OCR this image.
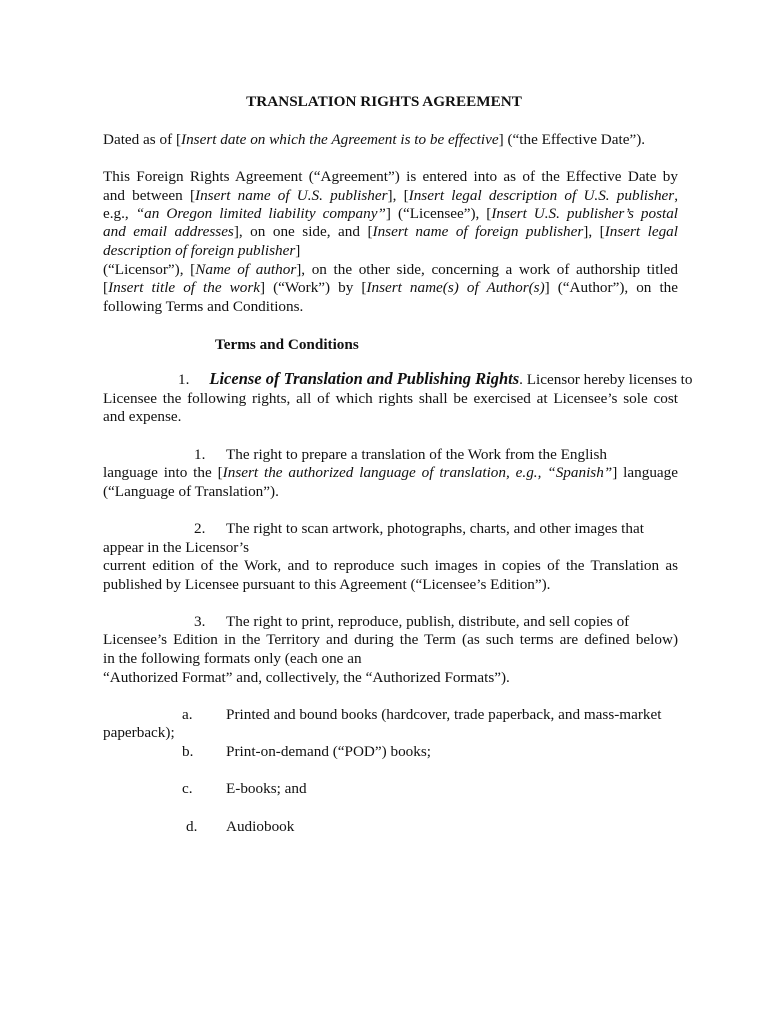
TRANSLATION RIGHTS AGREEMENT

Dated as of [Insert date on which the Agreement is to be effective] (“the Effective Date”).

This Foreign Rights Agreement (“Agreement”) is entered into as of the Effective Date by

and between [Insert name of U.S. publisher], [Insert legal description of U.S. publisher,

e.g., “an Oregon limited liability company”] (“Licensee”), [Insert U.S. publisher’s postal

and email addresses], on one side, and [Insert name of foreign publisher], [Insert legal

description of foreign publisher]

(“Licensor”), [Name of author], on the other side, concerning a work of authorship titled

[Insert title of the work] (“Work”) by [Insert name(s) of Author(s)] (“Author”), on the

following Terms and Conditions.

Terms and Conditions

1. License of Translation and Publishing Rights. Licensor hereby licenses to

Licensee the following rights, all of which rights shall be exercised at Licensee’s sole cost

and expense.

1. The right to prepare a translation of the Work from the English

language into the [Insert the authorized language of translation, e.g., “Spanish”] language

(“Language of Translation”).

2. The right to scan artwork, photographs, charts, and other images that

appear in the Licensor’s

current edition of the Work, and to reproduce such images in copies of the Translation as

published by Licensee pursuant to this Agreement (“Licensee’s Edition”).

3. The right to print, reproduce, publish, distribute, and sell copies of

Licensee’s Edition in the Territory and during the Term (as such terms are defined below)

in the following formats only (each one an

“Authorized Format” and, collectively, the “Authorized Formats”).

a. Printed and bound books (hardcover, trade paperback, and mass-market

paperback);

b. Print-on-demand (“POD”) books;

c. E-books; and

d. Audiobook
